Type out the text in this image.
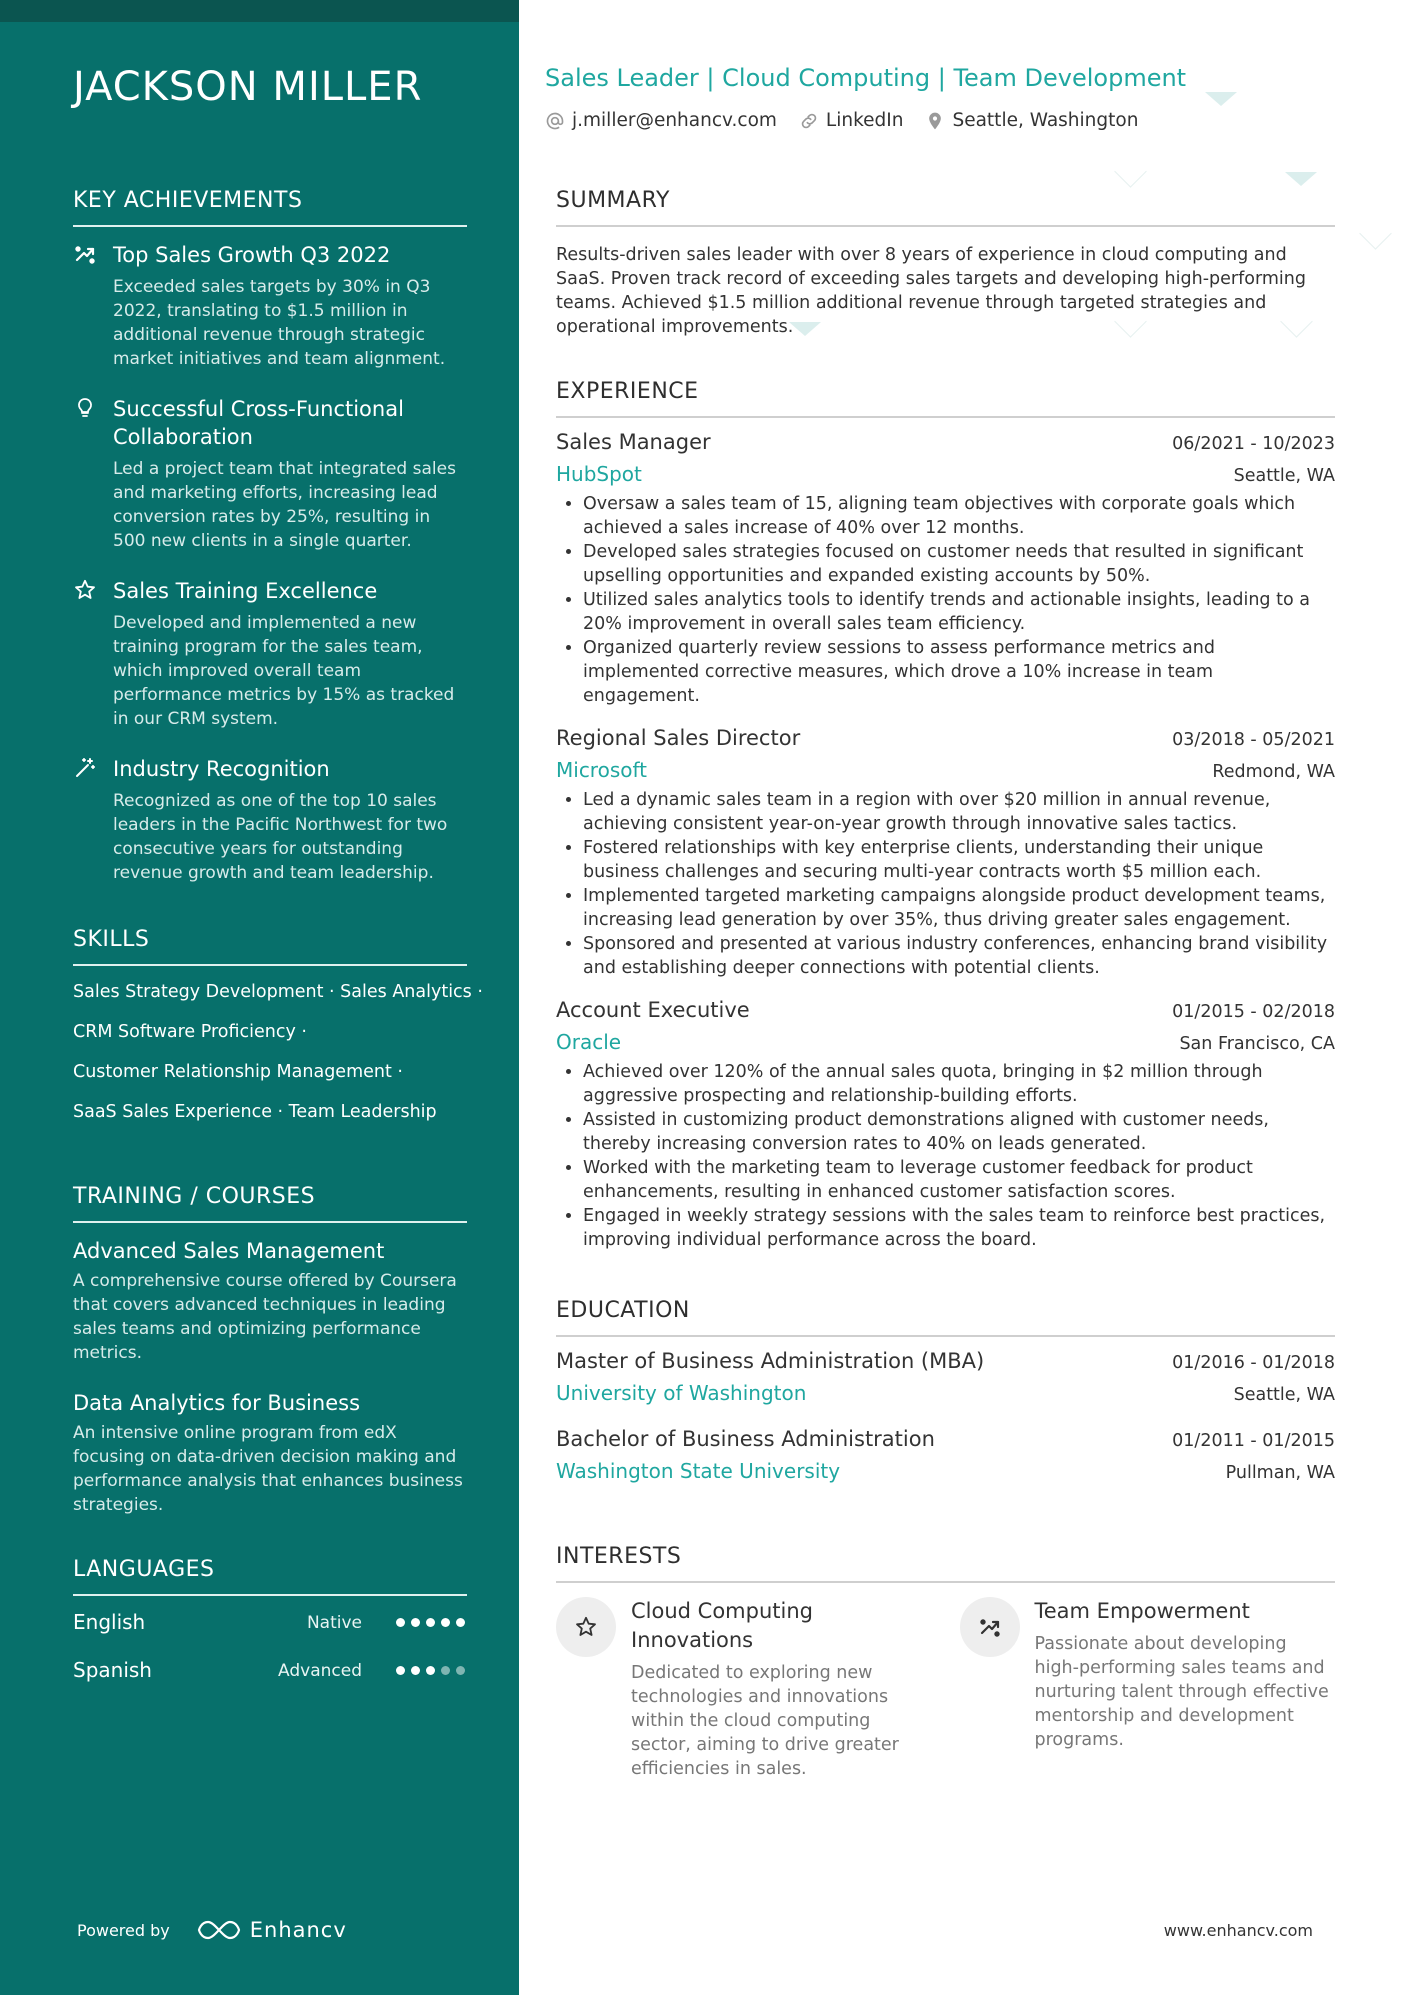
JACKSON MILLER
KEY ACHIEVEMENTS
Top Sales Growth Q3 2022
Exceeded sales targets by 30% in Q3 2022, translating to $1.5 million in additional revenue through strategic market initiatives and team alignment.
Successful Cross-Functional Collaboration
Led a project team that integrated sales and marketing efforts, increasing lead conversion rates by 25%, resulting in 500 new clients in a single quarter.
Sales Training Excellence
Developed and implemented a new training program for the sales team, which improved overall team performance metrics by 15% as tracked in our CRM system.
Industry Recognition
Recognized as one of the top 10 sales leaders in the Pacific Northwest for two consecutive years for outstanding revenue growth and team leadership.
SKILLS
Sales Strategy Development · Sales Analytics ·
CRM Software Proficiency ·
Customer Relationship Management ·
SaaS Sales Experience · Team Leadership
TRAINING / COURSES
Advanced Sales Management
A comprehensive course offered by Coursera that covers advanced techniques in leading sales teams and optimizing performance metrics.
Data Analytics for Business
An intensive online program from edX focusing on data-driven decision making and performance analysis that enhances business strategies.
LANGUAGES
English	Native
Spanish	Advanced
Powered by	Enhancv
Sales Leader | Cloud Computing | Team Development
j.miller@enhancv.com	LinkedIn	Seattle, Washington
SUMMARY
Results-driven sales leader with over 8 years of experience in cloud computing and SaaS. Proven track record of exceeding sales targets and developing high-performing teams. Achieved $1.5 million additional revenue through targeted strategies and operational improvements.
EXPERIENCE
Sales Manager	06/2021 - 10/2023
HubSpot	Seattle, WA
• Oversaw a sales team of 15, aligning team objectives with corporate goals which achieved a sales increase of 40% over 12 months.
• Developed sales strategies focused on customer needs that resulted in significant upselling opportunities and expanded existing accounts by 50%.
• Utilized sales analytics tools to identify trends and actionable insights, leading to a 20% improvement in overall sales team efficiency.
• Organized quarterly review sessions to assess performance metrics and implemented corrective measures, which drove a 10% increase in team engagement.
Regional Sales Director	03/2018 - 05/2021
Microsoft	Redmond, WA
• Led a dynamic sales team in a region with over $20 million in annual revenue, achieving consistent year-on-year growth through innovative sales tactics.
• Fostered relationships with key enterprise clients, understanding their unique business challenges and securing multi-year contracts worth $5 million each.
• Implemented targeted marketing campaigns alongside product development teams, increasing lead generation by over 35%, thus driving greater sales engagement.
• Sponsored and presented at various industry conferences, enhancing brand visibility and establishing deeper connections with potential clients.
Account Executive	01/2015 - 02/2018
Oracle	San Francisco, CA
• Achieved over 120% of the annual sales quota, bringing in $2 million through aggressive prospecting and relationship-building efforts.
• Assisted in customizing product demonstrations aligned with customer needs, thereby increasing conversion rates to 40% on leads generated.
• Worked with the marketing team to leverage customer feedback for product enhancements, resulting in enhanced customer satisfaction scores.
• Engaged in weekly strategy sessions with the sales team to reinforce best practices, improving individual performance across the board.
EDUCATION
Master of Business Administration (MBA)	01/2016 - 01/2018
University of Washington	Seattle, WA
Bachelor of Business Administration	01/2011 - 01/2015
Washington State University	Pullman, WA
INTERESTS
Cloud Computing Innovations
Dedicated to exploring new technologies and innovations within the cloud computing sector, aiming to drive greater efficiencies in sales.
Team Empowerment
Passionate about developing high-performing sales teams and nurturing talent through effective mentorship and development programs.
www.enhancv.com
